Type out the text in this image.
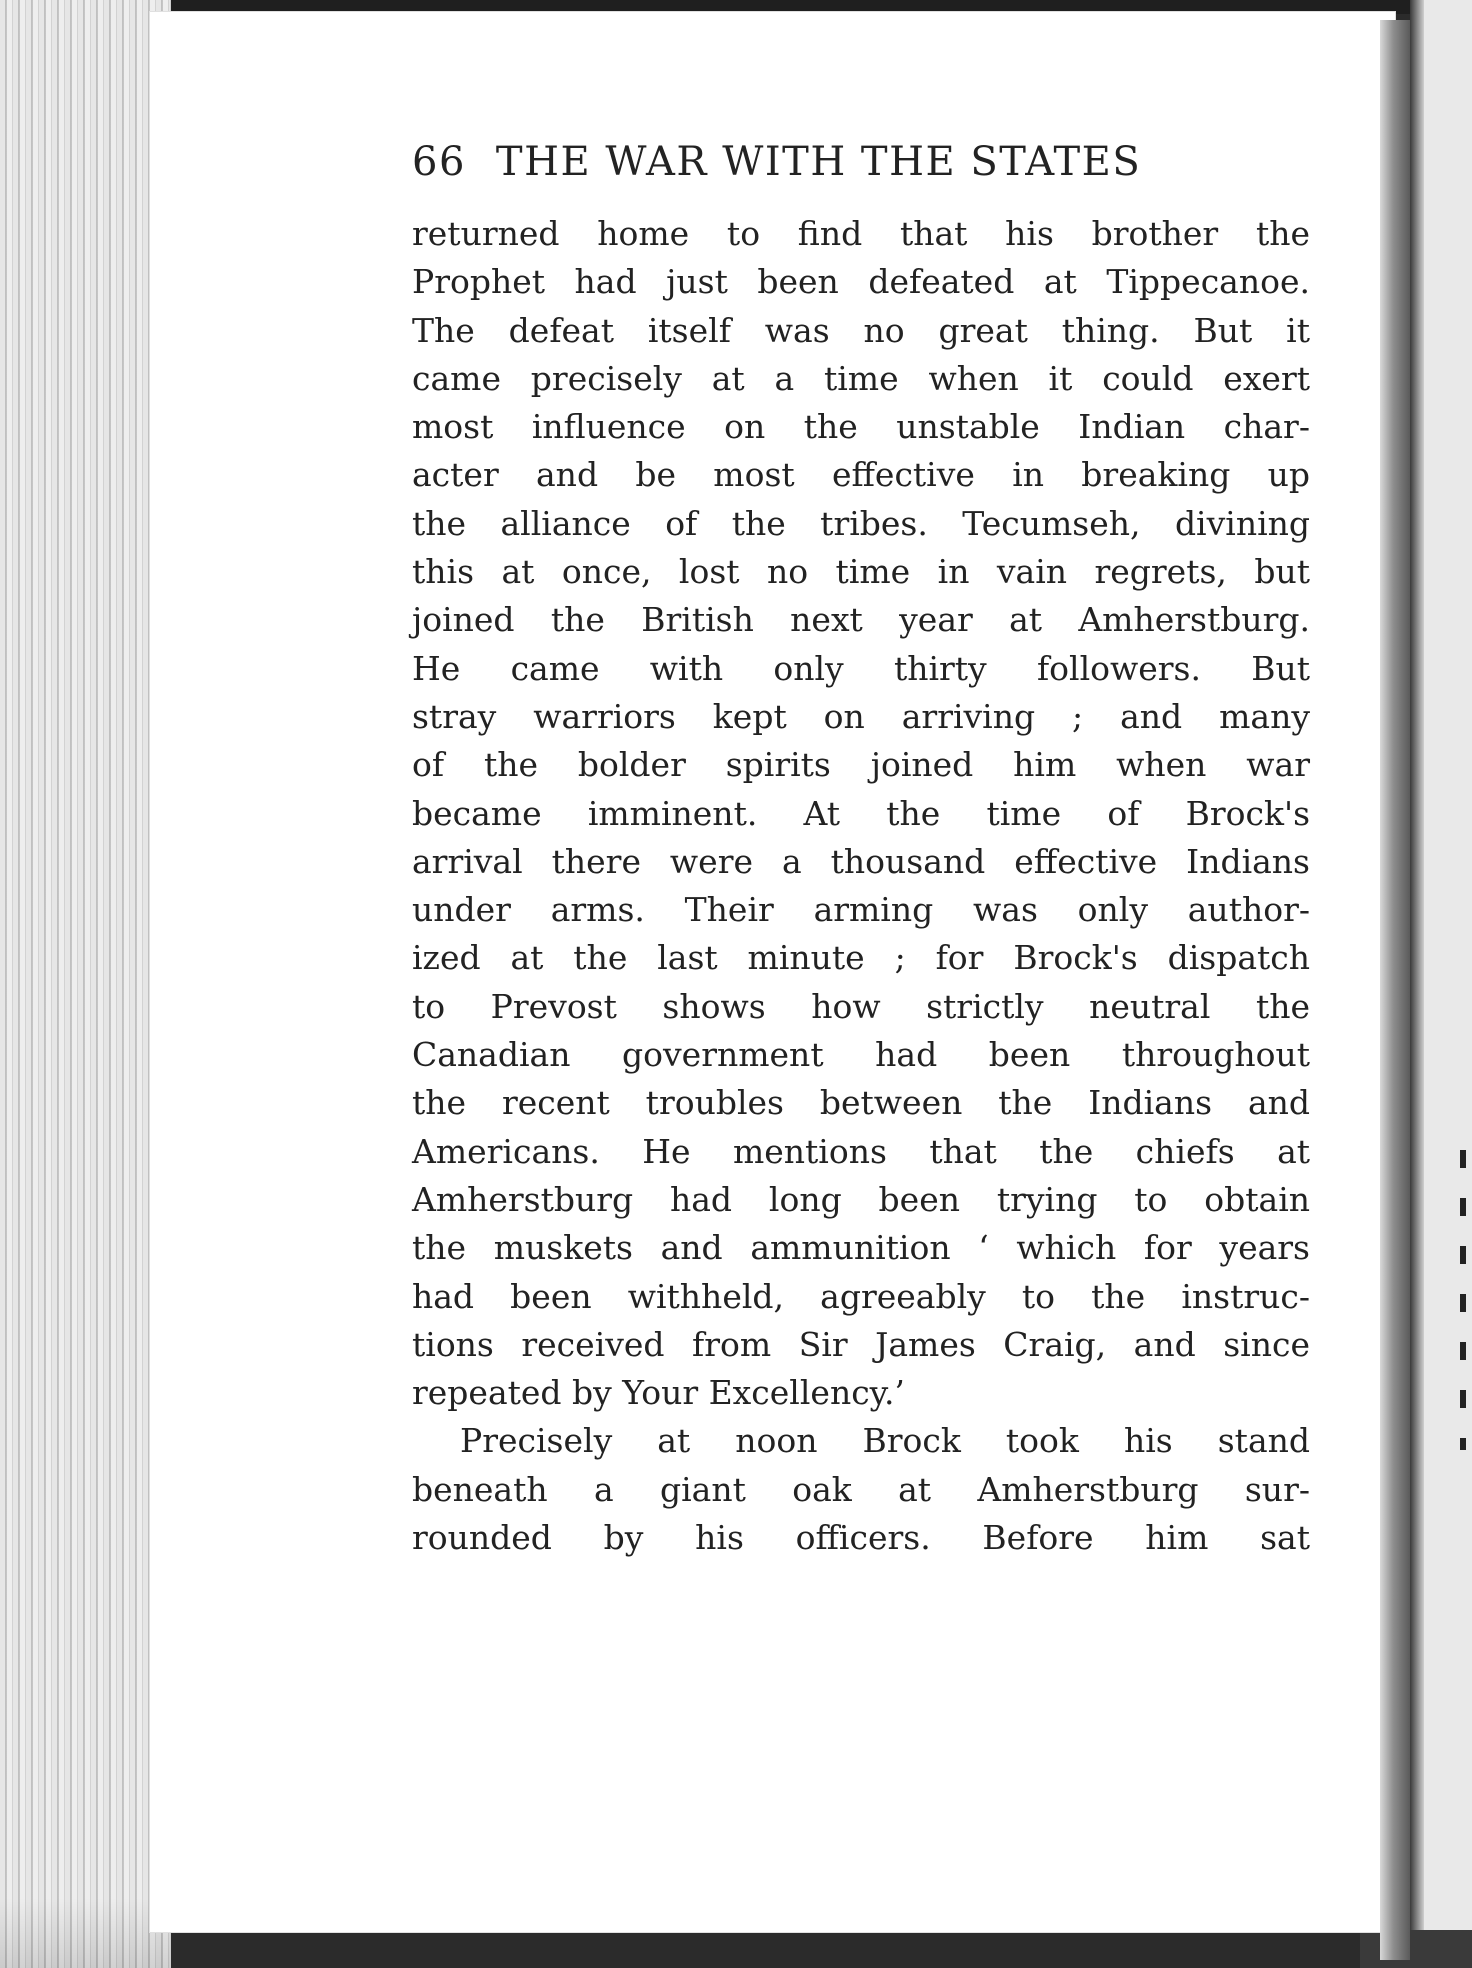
66 THE WAR WITH THE STATES
returned home to find that his brother the
Prophet had just been defeated at Tippecanoe.
The defeat itself was no great thing. But it
came precisely at a time when it could exert
most influence on the unstable Indian char-
acter and be most effective in breaking up
the alliance of the tribes. Tecumseh, divining
this at once, lost no time in vain regrets, but
joined the British next year at Amherstburg.
He came with only thirty followers. But
stray warriors kept on arriving ; and many
of the bolder spirits joined him when war
became imminent. At the time of Brock's
arrival there were a thousand effective Indians
under arms. Their arming was only author-
ized at the last minute ; for Brock's dispatch
to Prevost shows how strictly neutral the
Canadian government had been throughout
the recent troubles between the Indians and
Americans. He mentions that the chiefs at
Amherstburg had long been trying to obtain
the muskets and ammunition ‘ which for years
had been withheld, agreeably to the instruc-
tions received from Sir James Craig, and since
repeated by Your Excellency.’
Precisely at noon Brock took his stand
beneath a giant oak at Amherstburg sur-
rounded by his officers. Before him sat
